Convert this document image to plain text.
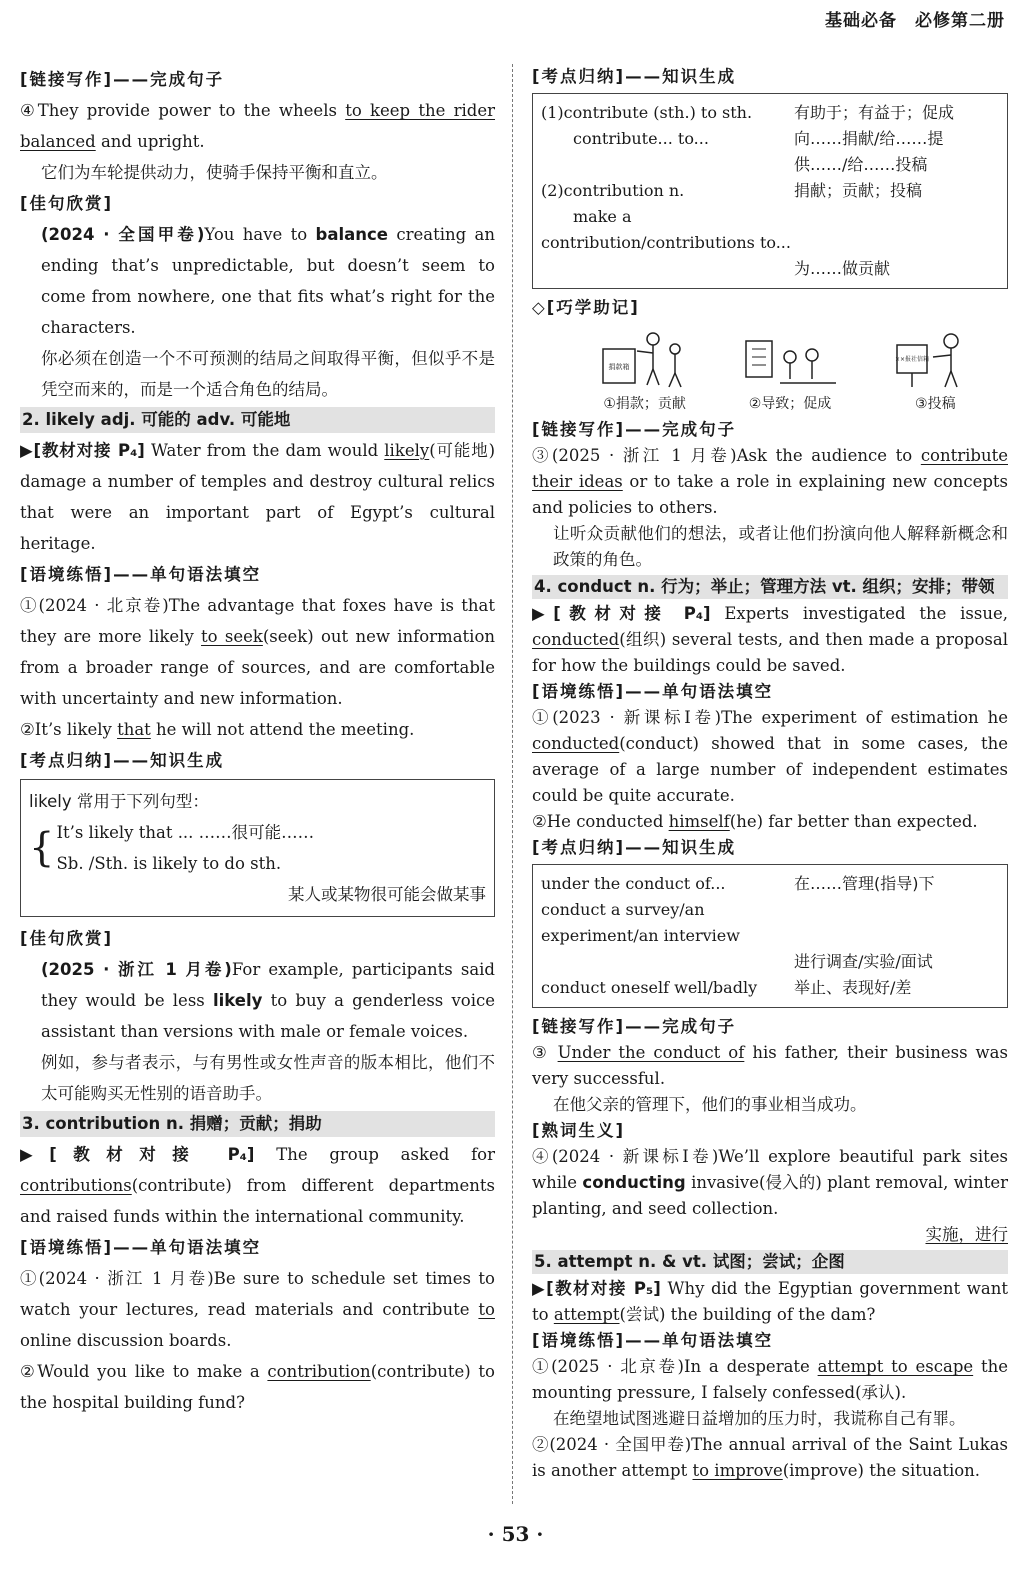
基础必备　必修第二册

[链接写作]——完成句子

④They provide power to the wheels to keep the rider balanced and upright.

它们为车轮提供动力，使骑手保持平衡和直立。

[佳句欣赏]

(2024 · 全国甲卷)You have to balance creating an ending that’s unpredictable, but doesn’t seem to come from nowhere, one that fits what’s right for the characters.

你必须在创造一个不可预测的结局之间取得平衡，但似乎不是凭空而来的，而是一个适合角色的结局。

2. likely adj. 可能的 adv. 可能地

▶[教材对接 P₄] Water from the dam would likely(可能地) damage a number of temples and destroy cultural relics that were an important part of Egypt’s cultural heritage.

[语境练悟]——单句语法填空

①(2024 · 北京卷)The advantage that foxes have is that they are more likely to seek(seek) out new information from a broader range of sources, and are comfortable with uncertainty and new information.

②It’s likely that he will not attend the meeting.

[考点归纳]——知识生成

likely 常用于下列句型：

{ It’s likely that ... ……很可能……

Sb. /Sth. is likely to do sth.

某人或某物很可能会做某事

[佳句欣赏]

(2025 · 浙江 1 月卷)For example, participants said they would be less likely to buy a genderless voice assistant than versions with male or female voices.

例如，参与者表示，与有男性或女性声音的版本相比，他们不太可能购买无性别的语音助手。

3. contribution n. 捐赠；贡献；捐助

▶[教材对接 P₄] The group asked for contributions(contribute) from different departments and raised funds within the international community.

[语境练悟]——单句语法填空

①(2024 · 浙江 1 月卷)Be sure to schedule set times to watch your lectures, read materials and contribute to online discussion boards.

②Would you like to make a contribution(contribute) to the hospital building fund?

[考点归纳]——知识生成

(1)contribute (sth.) to sth.	有助于；有益于；促成
　　contribute... to...	向……捐献/给……提
供……/给……投稿
(2)contribution n.	捐献；贡献；投稿
　　make a contribution/contributions to...
为……做贡献

◇[巧学助记]

捐款箱
①捐款；贡献	②导致；促成
××报社信箱
③投稿

[链接写作]——完成句子

③(2025 · 浙江 1 月卷)Ask the audience to contribute their ideas or to take a role in explaining new concepts and policies to others.

让听众贡献他们的想法，或者让他们扮演向他人解释新概念和政策的角色。

4. conduct n. 行为；举止；管理方法 vt. 组织；安排；带领

▶[教材对接 P₄] Experts investigated the issue, conducted(组织) several tests, and then made a proposal for how the buildings could be saved.

[语境练悟]——单句语法填空

①(2023 · 新课标Ⅰ卷)The experiment of estimation he conducted(conduct) showed that in some cases, the average of a large number of independent estimates could be quite accurate.

②He conducted himself(he) far better than expected.

[考点归纳]——知识生成

under the conduct of...	在……管理(指导)下
conduct a survey/an experiment/an interview
进行调查/实验/面试
conduct oneself well/badly	举止、表现好/差

[链接写作]——完成句子

③ Under the conduct of his father, their business was very successful.

在他父亲的管理下，他们的事业相当成功。

[熟词生义]

④(2024 · 新课标Ⅰ卷)We’ll explore beautiful park sites while conducting invasive(侵入的) plant removal, winter planting, and seed collection.

实施，进行

5. attempt n. & vt. 试图；尝试；企图

▶[教材对接 P₅] Why did the Egyptian government want to attempt(尝试) the building of the dam?

[语境练悟]——单句语法填空

①(2025 · 北京卷)In a desperate attempt to escape the mounting pressure, I falsely confessed(承认).

在绝望地试图逃避日益增加的压力时，我谎称自己有罪。

②(2024 · 全国甲卷)The annual arrival of the Saint Lukas is another attempt to improve(improve) the situation.

· 53 ·
